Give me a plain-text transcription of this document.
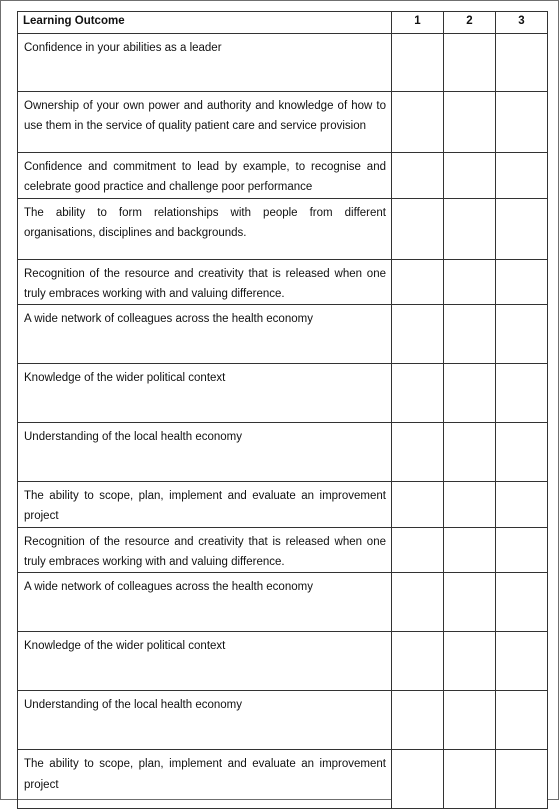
Learning Outcome	1	2	3

Confidence in your abilities as a leader			

Ownership of your own power and authority and knowledge of how to use them in the service of quality patient care and service provision			

Confidence and commitment to lead by example, to recognise and celebrate good practice and challenge poor performance			

The ability to form relationships with people from different organisations, disciplines and backgrounds.			

Recognition of the resource and creativity that is released when one truly embraces working with and valuing difference.			

A wide network of colleagues across the health economy			

Knowledge of the wider political context			

Understanding of the local health economy			

The ability to scope, plan, implement and evaluate an improvement project			

Recognition of the resource and creativity that is released when one truly embraces working with and valuing difference.			

A wide network of colleagues across the health economy			

Knowledge of the wider political context			

Understanding of the local health economy			

The ability to scope, plan, implement and evaluate an improvement project			
